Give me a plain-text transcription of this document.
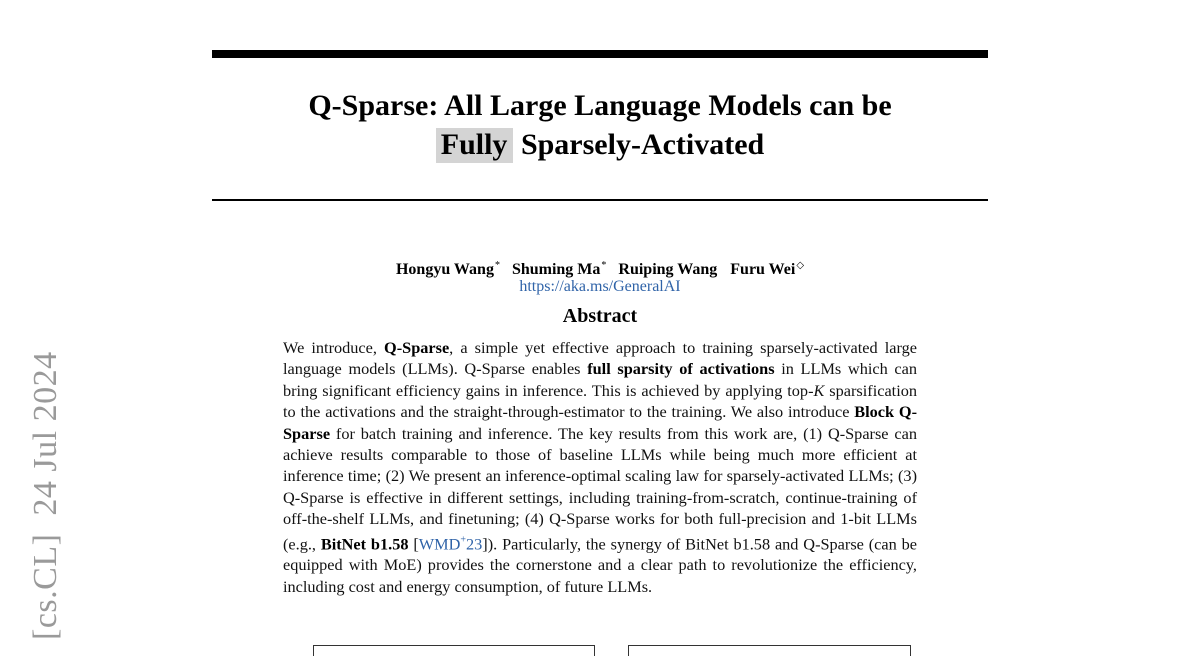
[cs.CL]24 Jul 2024
Q-Sparse: All Large Language Models can be
Fully Sparsely-Activated
Hongyu Wang* Shuming Ma* Ruiping Wang Furu Wei◇
https://aka.ms/GeneralAI
Abstract
We introduce, Q-Sparse, a simple yet effective approach to training sparsely-activated large language models (LLMs). Q-Sparse enables full sparsity of activations in LLMs which can bring significant efficiency gains in inference. This is achieved by applying top-K sparsification to the activations and the straight-through-estimator to the training. We also introduce Block Q-Sparse for batch training and inference. The key results from this work are, (1) Q-Sparse can achieve results comparable to those of baseline LLMs while being much more efficient at inference time; (2) We present an inference-optimal scaling law for sparsely-activated LLMs; (3) Q-Sparse is effective in different settings, including training-from-scratch, continue-training of off-the-shelf LLMs, and finetuning; (4) Q-Sparse works for both full-precision and 1-bit LLMs (e.g., BitNet b1.58 [WMD+23]). Particularly, the synergy of BitNet b1.58 and Q-Sparse (can be equipped with MoE) provides the cornerstone and a clear path to revolutionize the efficiency, including cost and energy consumption, of future LLMs.
